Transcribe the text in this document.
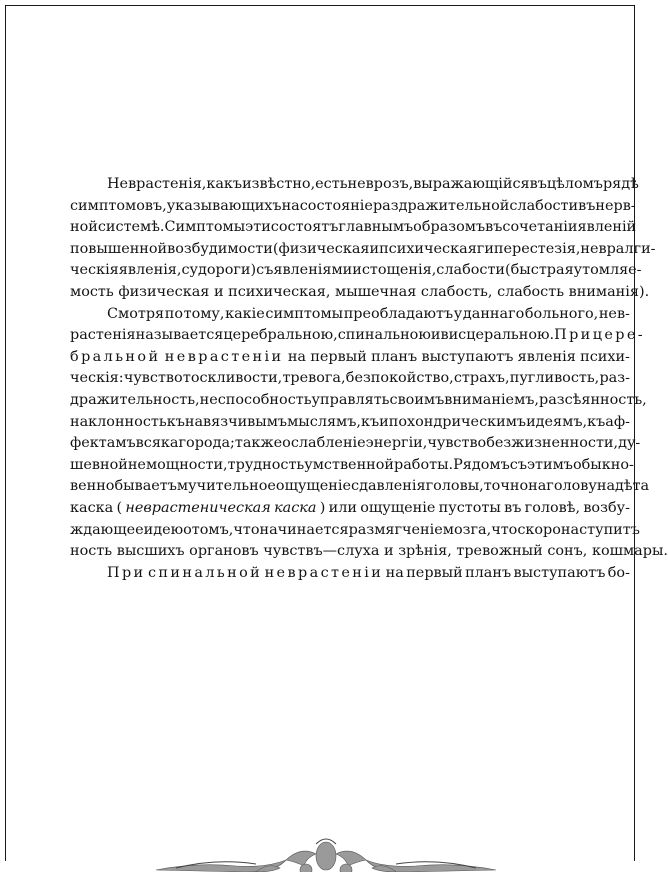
Неврастенія, какъ извѣстно, есть неврозъ, выражающійся въ цѣломъ рядѣ
симптомовъ, указывающихъ на состояніе раздражительной слабости въ нерв-
ной системѣ. Симптомы эти состоятъ главнымъ образомъ въ сочетаніи явленій
повышенной возбудимости (физическая и психическая гиперестезія, невралги-
ческія явленія, судороги) съ явленіями истощенія, слабости (быстрая утомляе-
мость физическая и психическая, мышечная слабость, слабость вниманія).
Смотря по тому, какіе симптомы преобладаютъ у даннаго больного, нев-
растенія называется церебральною, спинальною и висцеральною. При цере-
бральной неврастеніи на первый планъ выступаютъ явленія психи-
ческія: чувство тоскливости, тревога, безпокойство, страхъ, пугливость, раз-
дражительность, неспособность управлять своимъ вниманіемъ, разсѣянность,
наклонность къ навязчивымъ мыслямъ, къ ипохондрическимъ идеямъ, къ аф-
фектамъ всякаго рода; также ослабленіе энергіи, чувство безжизненности, ду-
шевной немощности, трудность умственной работы. Рядомъ съ этимъ обыкно-
венно бываетъ мучительное ощущеніе сдавленія головы, точно на голову надѣта
каска ( неврастеническая каска ) или ощущеніе пустоты въ головѣ, возбу-
ждающее идею о томъ, что начинается размягченіе мозга, что скоро наступитъ
ность высшихъ органовъ чувствъ—слуха и зрѣнія, тревожный сонъ, кошмары.
При спинальной неврастеніи на первый планъ выступаютъ бо-
